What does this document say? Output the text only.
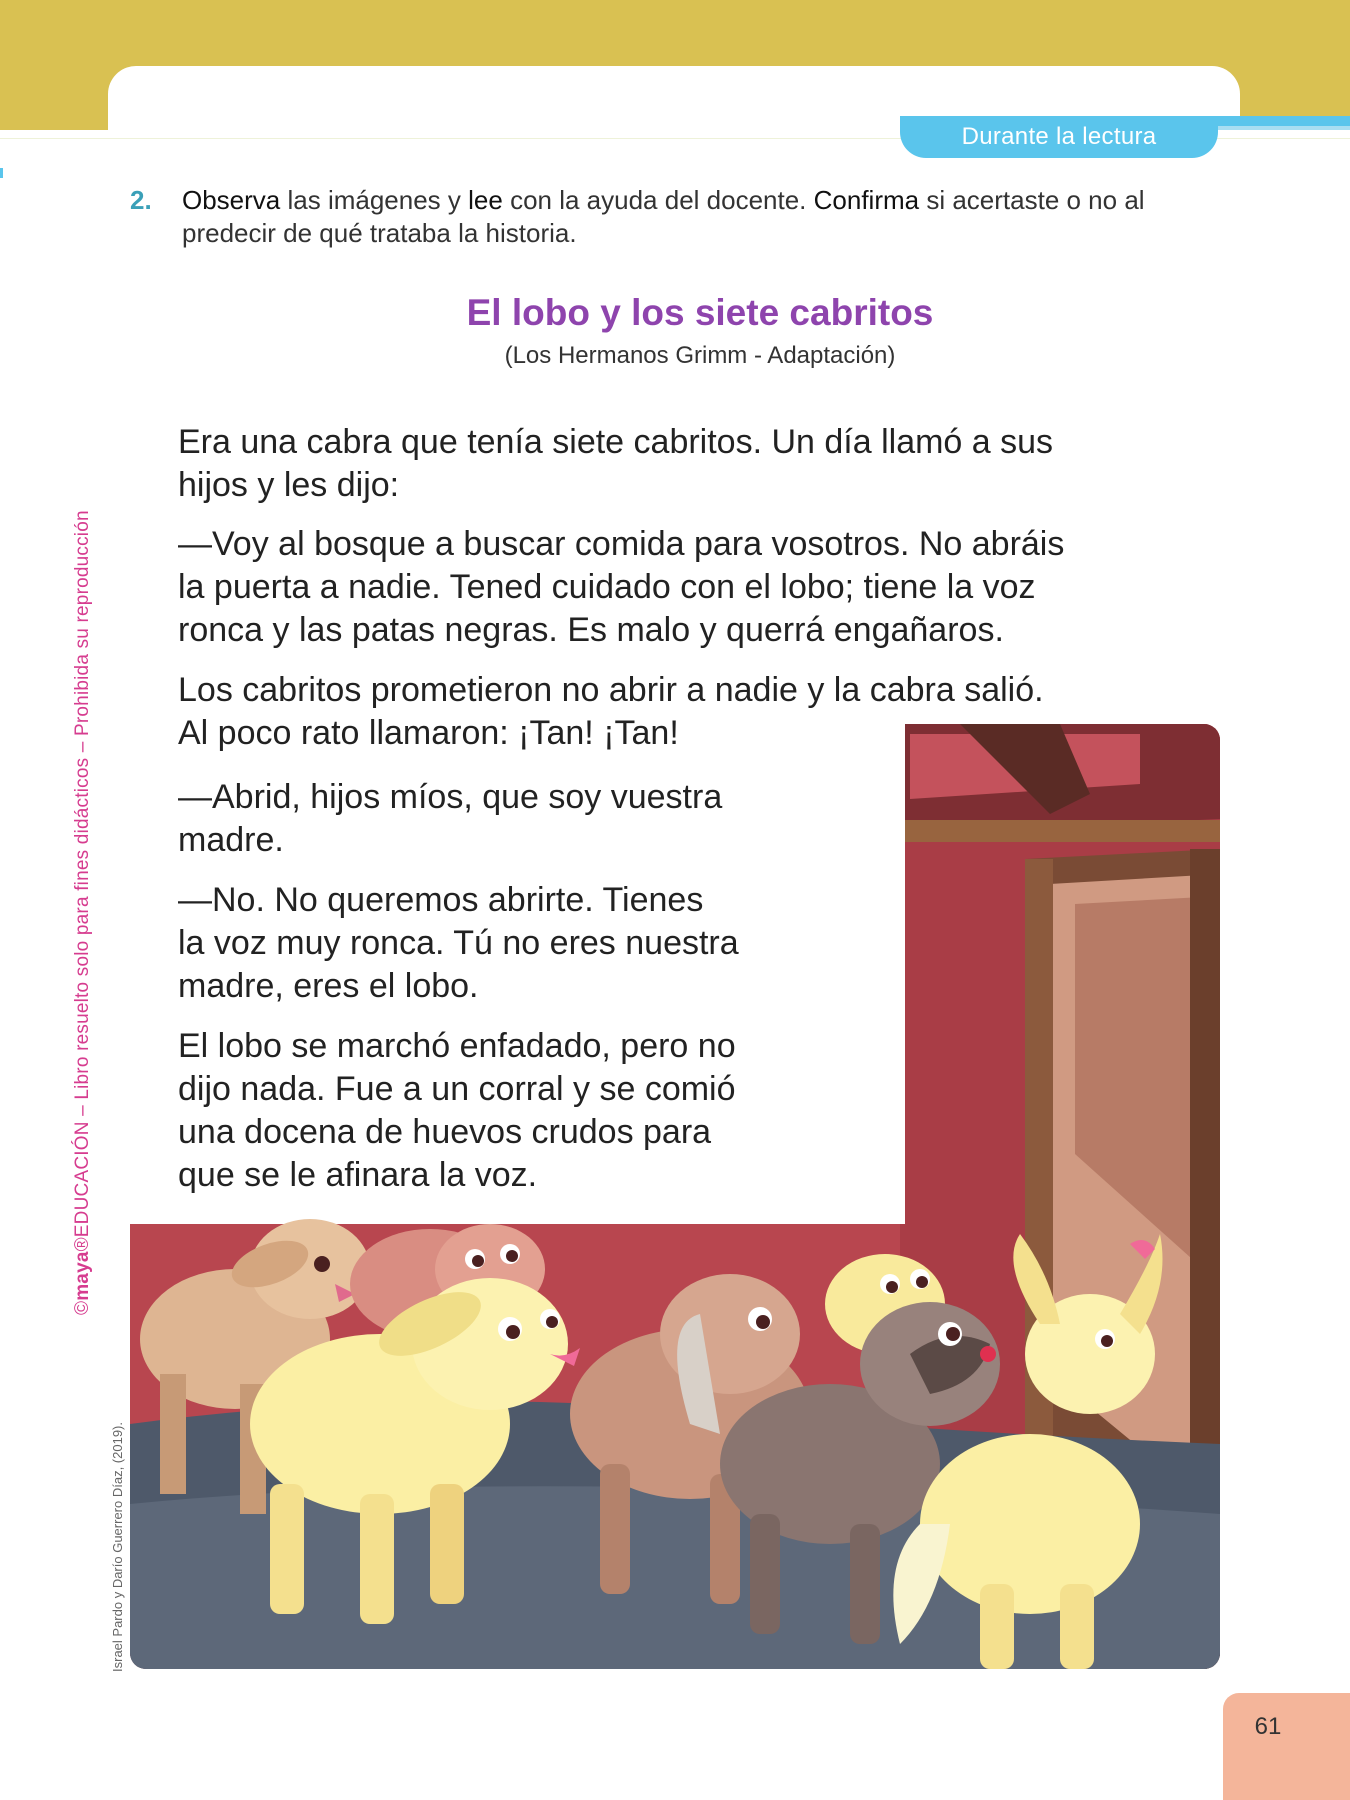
Durante la lectura
2. Observa las imágenes y lee con la ayuda del docente. Confirma si acertaste o no al predecir de qué trataba la historia.
El lobo y los siete cabritos
(Los Hermanos Grimm - Adaptación)
Era una cabra que tenía siete cabritos. Un día llamó a sus
hijos y les dijo:
—Voy al bosque a buscar comida para vosotros. No abráis
la puerta a nadie. Tened cuidado con el lobo; tiene la voz
ronca y las patas negras. Es malo y querrá engañaros.
Los cabritos prometieron no abrir a nadie y la cabra salió.
Al poco rato llamaron: ¡Tan! ¡Tan!
—Abrid, hijos míos, que soy vuestra
madre.
—No. No queremos abrirte. Tienes
la voz muy ronca. Tú no eres nuestra
madre, eres el lobo.
El lobo se marchó enfadado, pero no
dijo nada. Fue a un corral y se comió
una docena de huevos crudos para
que se le afinara la voz.
©maya®EDUCACIÓN – Libro resuelto solo para fines didácticos – Prohibida su reproducción
Israel Pardo y Darío Guerrero Díaz, (2019).
61
